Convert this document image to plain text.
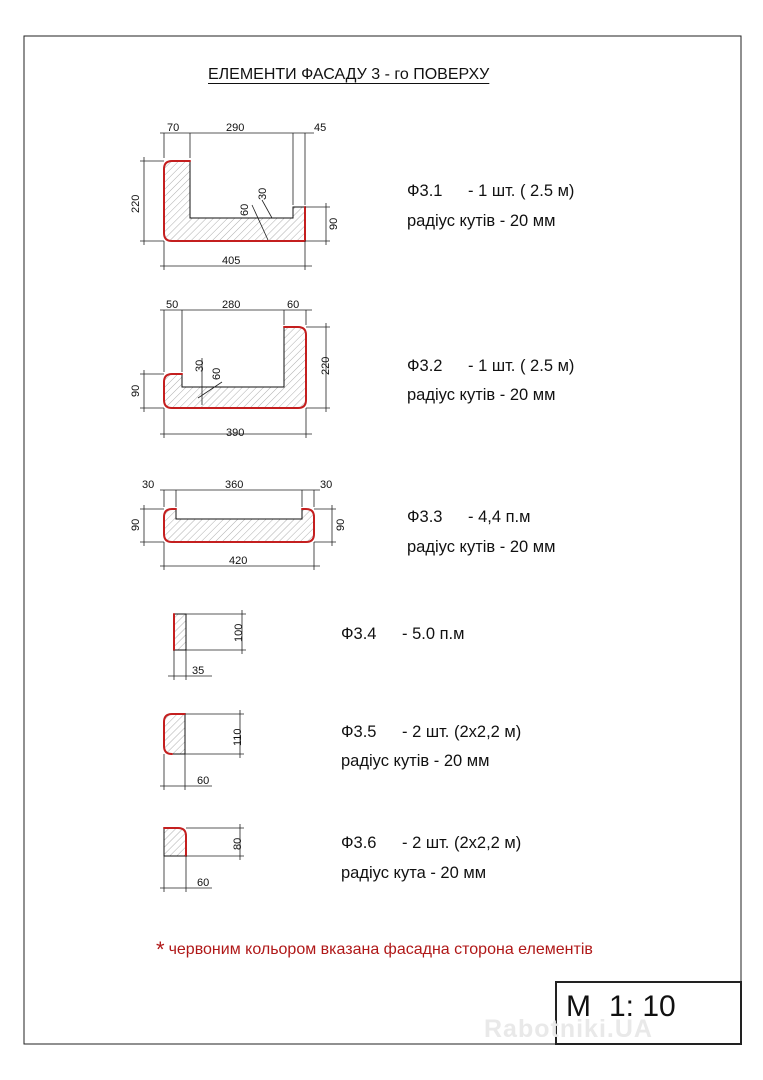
70	290	45
405
220
90
60
30	Ф3.1 - 1 шт. ( 2.5 м)
радіус кутів - 20 мм
50	280	60
390
90
220
30
60	Ф3.2 - 1 шт. ( 2.5 м)
радіус кутів - 20 мм
30	360	30
420
90	90	Ф3.3 - 4,4 п.м
радіус кутів - 20 мм
100
35
Ф3.4 - 5.0 п.м
110
60
Ф3.5 - 2 шт. (2х2,2 м)
радіус кутів - 20 мм
80
60
Ф3.6 - 2 шт. (2х2,2 м)
радіус кута - 20 мм
ЕЛЕМЕНТИ ФАСАДУ 3 - го ПОВЕРХУ
* червоним кольором вказана фасадна сторона елементів
Rabotniki.UA
М 1: 10
